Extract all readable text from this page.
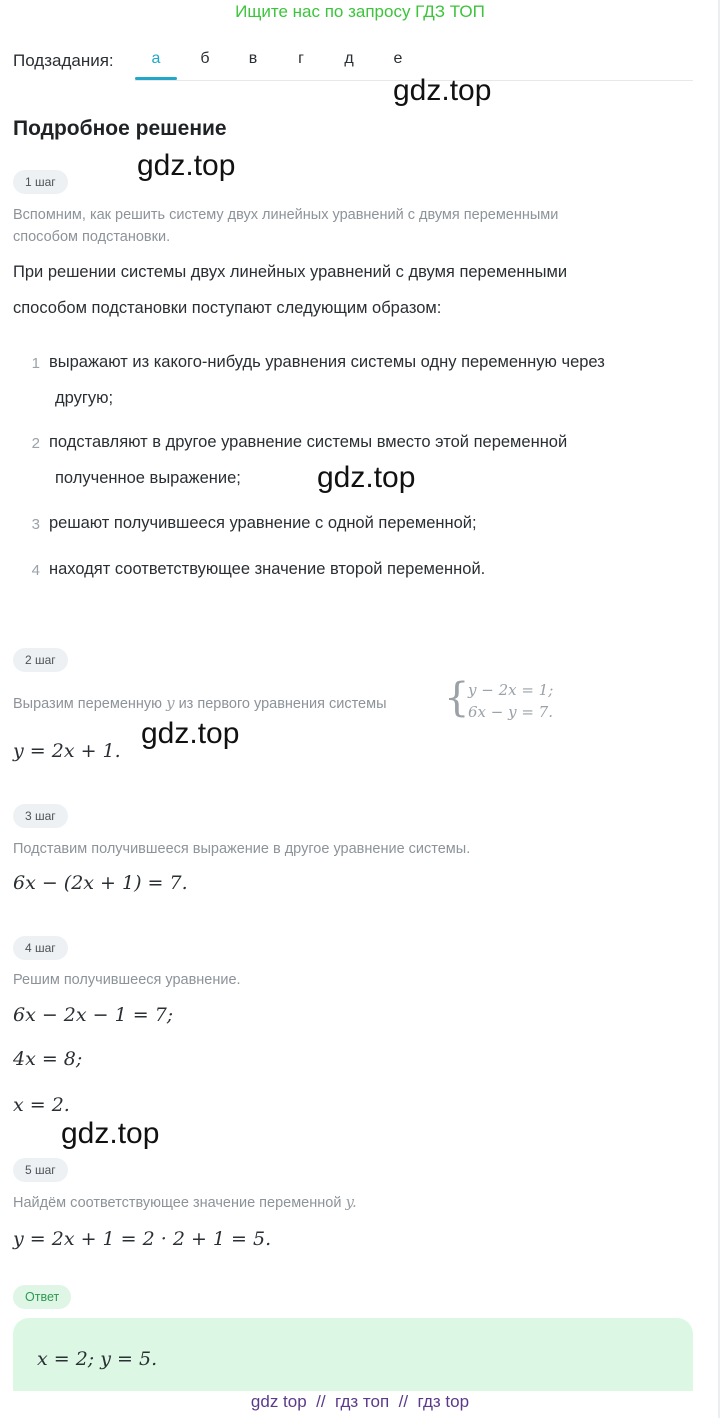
Ищите нас по запросу ГДЗ ТОП
Подзадания:	а	б	в	г	д	е
gdz.top
gdz.top
gdz.top
gdz.top
gdz.top
Подробное решение
1 шаг
Вспомним, как решить систему двух линейных уравнений с двумя переменными
способом подстановки.
При решении системы двух линейных уравнений с двумя переменными
способом подстановки поступают следующим образом:
1 выражают из какого-нибудь уравнения системы одну переменную через
другую;
2 подставляют в другое уравнение системы вместо этой переменной
полученное выражение;
3 решают получившееся уравнение с одной переменной;
4 находят соответствующее значение второй переменной.
2 шаг
Выразим переменную y из первого уравнения системы {
y − 2x = 1;
6x − y = 7.
y = 2x + 1.
3 шаг
Подставим получившееся выражение в другое уравнение системы.
6x − (2x + 1) = 7.
4 шаг
Решим получившееся уравнение.
6x − 2x − 1 = 7;
4x = 8;
x = 2.
5 шаг
Найдём соответствующее значение переменной y.
y = 2x + 1 = 2 · 2 + 1 = 5.
Ответ
x = 2; y = 5.
gdz top // гдз топ // гдз top
